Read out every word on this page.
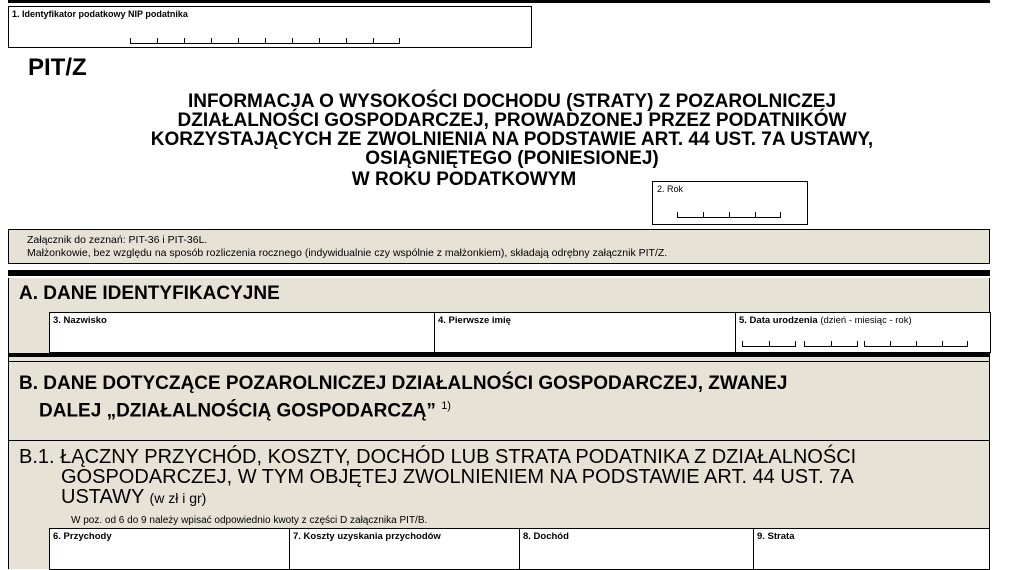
1. Identyfikator podatkowy NIP podatnika
PIT/Z
INFORMACJA O WYSOKOŚCI DOCHODU (STRATY) Z POZAROLNICZEJ
DZIAŁALNOŚCI GOSPODARCZEJ, PROWADZONEJ PRZEZ PODATNIKÓW
KORZYSTAJĄCYCH ZE ZWOLNIENIA NA PODSTAWIE ART. 44 UST. 7A USTAWY,
OSIĄGNIĘTEGO (PONIESIONEJ)
W ROKU PODATKOWYM	2. Rok
Załącznik do zeznań: PIT-36 i PIT-36L.
Małżonkowie, bez względu na sposób rozliczenia rocznego (indywidualnie czy wspólnie z małżonkiem), składają odrębny załącznik PIT/Z.
A. DANE IDENTYFIKACYJNE
3. Nazwisko	4. Pierwsze imię	5. Data urodzenia (dzień - miesiąc - rok)
B. DANE DOTYCZĄCE POZAROLNICZEJ DZIAŁALNOŚCI GOSPODARCZEJ, ZWANEJ
DALEJ „DZIAŁALNOŚCIĄ GOSPODARCZĄ” $^{1)}$
B.1. ŁĄCZNY PRZYCHÓD, KOSZTY, DOCHÓD LUB STRATA PODATNIKA Z DZIAŁALNOŚCI
GOSPODARCZEJ, W TYM OBJĘTEJ ZWOLNIENIEM NA PODSTAWIE ART. 44 UST. 7A
USTAWY (w zł i gr)
W poz. od 6 do 9 należy wpisać odpowiednio kwoty z części D załącznika PIT/B.
6. Przychody	7. Koszty uzyskania przychodów	8. Dochód	9. Strata
